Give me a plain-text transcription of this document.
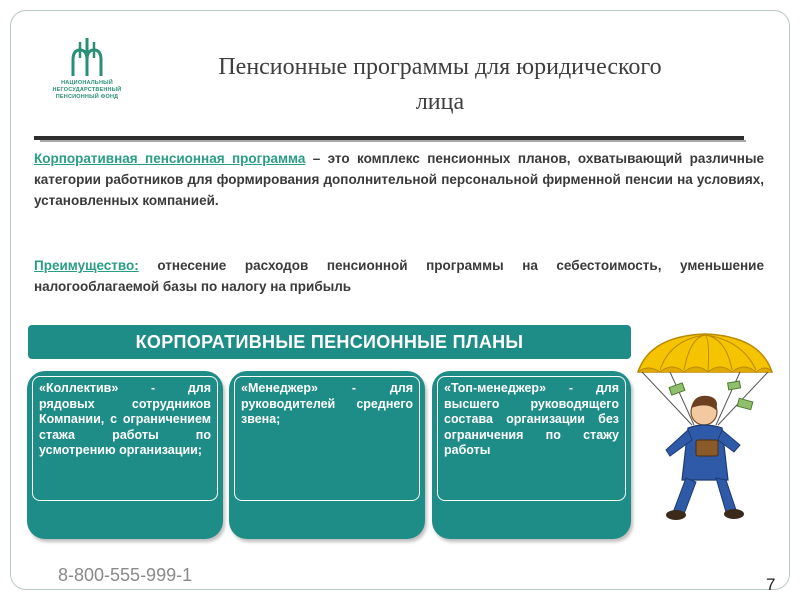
НАЦИОНАЛЬНЫЙ
НЕГОСУДАРСТВЕННЫЙ
ПЕНСИОННЫЙ ФОНД
Пенсионные программы для юридического
лица
Корпоративная пенсионная программа – это комплекс пенсионных планов, охватывающий различные категории работников для формирования дополнительной персональной фирменной пенсии на условиях, установленных компанией.
Преимущество: отнесение расходов пенсионной программы на себестоимость, уменьшение налогооблагаемой базы по налогу на прибыль
КОРПОРАТИВНЫЕ ПЕНСИОННЫЕ ПЛАНЫ
«Коллектив» - для рядовых сотрудников Компании, с ограничением стажа работы по усмотрению организации;
«Менеджер» - для руководителей среднего звена;
«Топ-менеджер» - для высшего руководящего состава организации без ограничения по стажу работы
8-800-555-999-1	7
